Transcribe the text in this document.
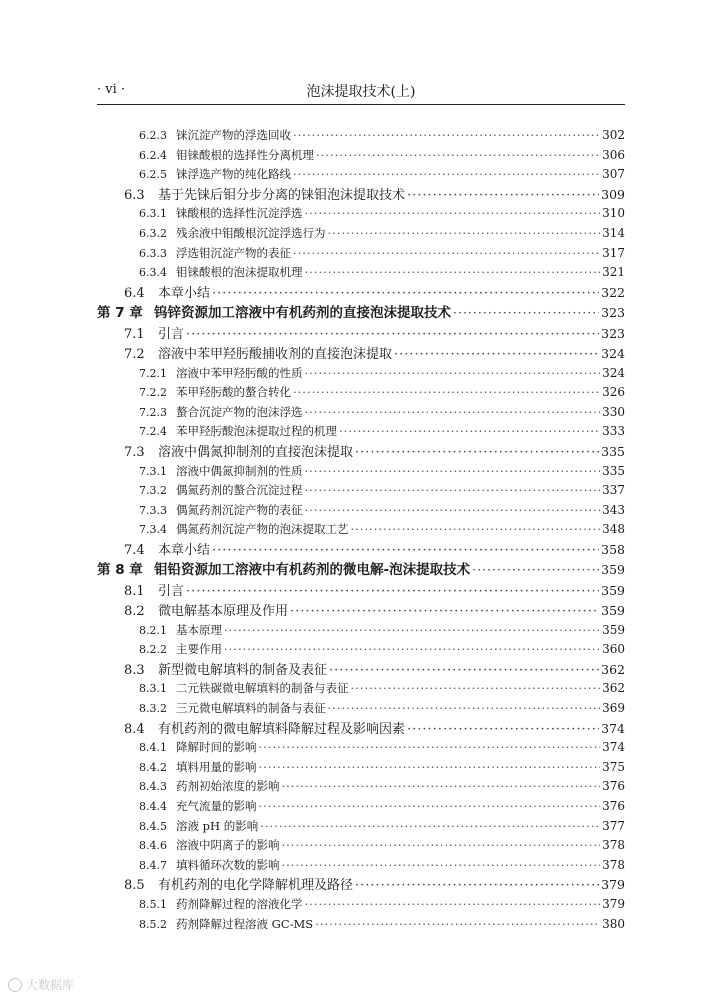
· vi ·	泡沫提取技术(上)
6.2.3 铼沉淀产物的浮选回收 ·····	302
6.2.4 钼铼酸根的选择性分离机理 ·····	306
6.2.5 铼浮选产物的纯化路线 ·····	307
6.3	基于先铼后钼分步分离的铼钼泡沫提取技术 ·····	309
6.3.1 铼酸根的选择性沉淀浮选 ·····	310
6.3.2 残余液中钼酸根沉淀浮选行为 ·····	314
6.3.3 浮选钼沉淀产物的表征 ·····	317
6.3.4 钼铼酸根的泡沫提取机理 ·····	321
6.4	本章小结 ·····	322
第 7 章 钨锌资源加工溶液中有机药剂的直接泡沫提取技术 ·····	323
7.1	引言 ·····	323
7.2	溶液中苯甲羟肟酸捕收剂的直接泡沫提取 ·····	324
7.2.1 溶液中苯甲羟肟酸的性质 ·····	324
7.2.2 苯甲羟肟酸的螯合转化 ·····	326
7.2.3 螯合沉淀产物的泡沫浮选 ·····	330
7.2.4 苯甲羟肟酸泡沫提取过程的机理 ·····	333
7.3	溶液中偶氮抑制剂的直接泡沫提取 ·····	335
7.3.1 溶液中偶氮抑制剂的性质 ·····	335
7.3.2 偶氮药剂的螯合沉淀过程 ·····	337
7.3.3 偶氮药剂沉淀产物的表征 ·····	343
7.3.4 偶氮药剂沉淀产物的泡沫提取工艺 ·····	348
7.4	本章小结 ·····	358
第 8 章 钼铅资源加工溶液中有机药剂的微电解-泡沫提取技术 ·····	359
8.1	引言 ·····	359
8.2	微电解基本原理及作用 ·····	359
8.2.1 基本原理 ·····	359
8.2.2 主要作用 ·····	360
8.3	新型微电解填料的制备及表征 ·····	362
8.3.1 二元铁碳微电解填料的制备与表征 ·····	362
8.3.2 三元微电解填料的制备与表征 ·····	369
8.4	有机药剂的微电解填料降解过程及影响因素 ·····	374
8.4.1 降解时间的影响 ·····	374
8.4.2 填料用量的影响 ·····	375
8.4.3 药剂初始浓度的影响 ·····	376
8.4.4 充气流量的影响 ·····	376
8.4.5 溶液 pH 的影响 ·····	377
8.4.6 溶液中阴离子的影响 ·····	378
8.4.7 填料循环次数的影响 ·····	378
8.5	有机药剂的电化学降解机理及路径 ·····	379
8.5.1 药剂降解过程的溶液化学 ·····	379
8.5.2 药剂降解过程溶液 GC-MS ·····	380
大数据库
